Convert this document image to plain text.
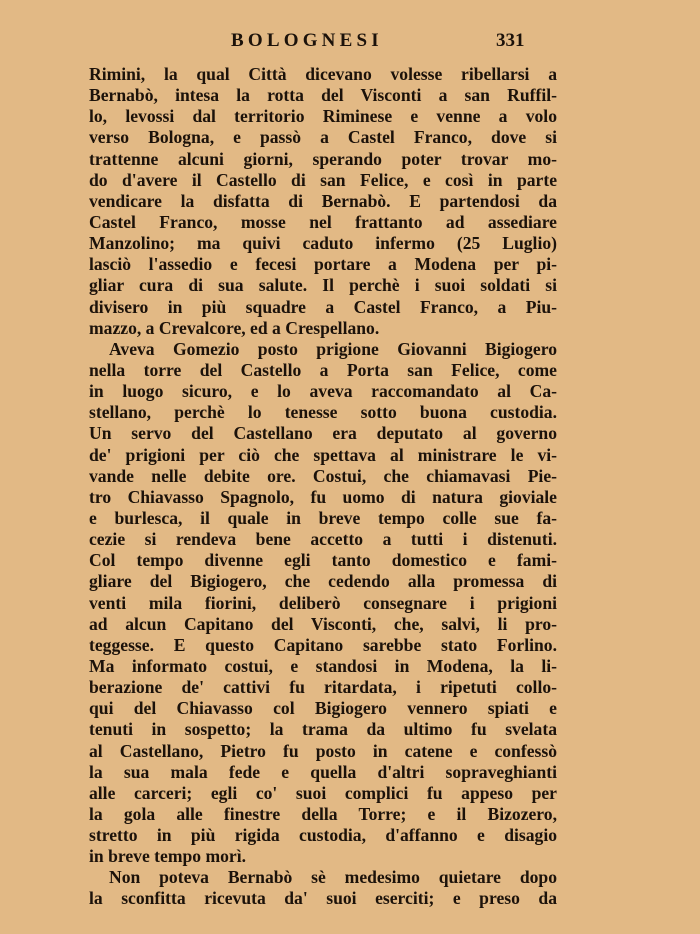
BOLOGNESI	331
Rimini, la qual Città dicevano volesse ribellarsi a
Bernabò, intesa la rotta del Visconti a san Ruffil-
lo, levossi dal territorio Riminese e venne a volo
verso Bologna, e passò a Castel Franco, dove si
trattenne alcuni giorni, sperando poter trovar mo-
do d'avere il Castello di san Felice, e così in parte
vendicare la disfatta di Bernabò. E partendosi da
Castel Franco, mosse nel frattanto ad assediare
Manzolino; ma quivi caduto infermo (25 Luglio)
lasciò l'assedio e fecesi portare a Modena per pi-
gliar cura di sua salute. Il perchè i suoi soldati si
divisero in più squadre a Castel Franco, a Piu-
mazzo, a Crevalcore, ed a Crespellano.
Aveva Gomezio posto prigione Giovanni Bigiogero
nella torre del Castello a Porta san Felice, come
in luogo sicuro, e lo aveva raccomandato al Ca-
stellano, perchè lo tenesse sotto buona custodia.
Un servo del Castellano era deputato al governo
de' prigioni per ciò che spettava al ministrare le vi-
vande nelle debite ore. Costui, che chiamavasi Pie-
tro Chiavasso Spagnolo, fu uomo di natura gioviale
e burlesca, il quale in breve tempo colle sue fa-
cezie si rendeva bene accetto a tutti i distenuti.
Col tempo divenne egli tanto domestico e fami-
gliare del Bigiogero, che cedendo alla promessa di
venti mila fiorini, deliberò consegnare i prigioni
ad alcun Capitano del Visconti, che, salvi, li pro-
teggesse. E questo Capitano sarebbe stato Forlino.
Ma informato costui, e standosi in Modena, la li-
berazione de' cattivi fu ritardata, i ripetuti collo-
qui del Chiavasso col Bigiogero vennero spiati e
tenuti in sospetto; la trama da ultimo fu svelata
al Castellano, Pietro fu posto in catene e confessò
la sua mala fede e quella d'altri sopraveghianti
alle carceri; egli co' suoi complici fu appeso per
la gola alle finestre della Torre; e il Bizozero,
stretto in più rigida custodia, d'affanno e disagio
in breve tempo morì.
Non poteva Bernabò sè medesimo quietare dopo
la sconfitta ricevuta da' suoi eserciti; e preso da
